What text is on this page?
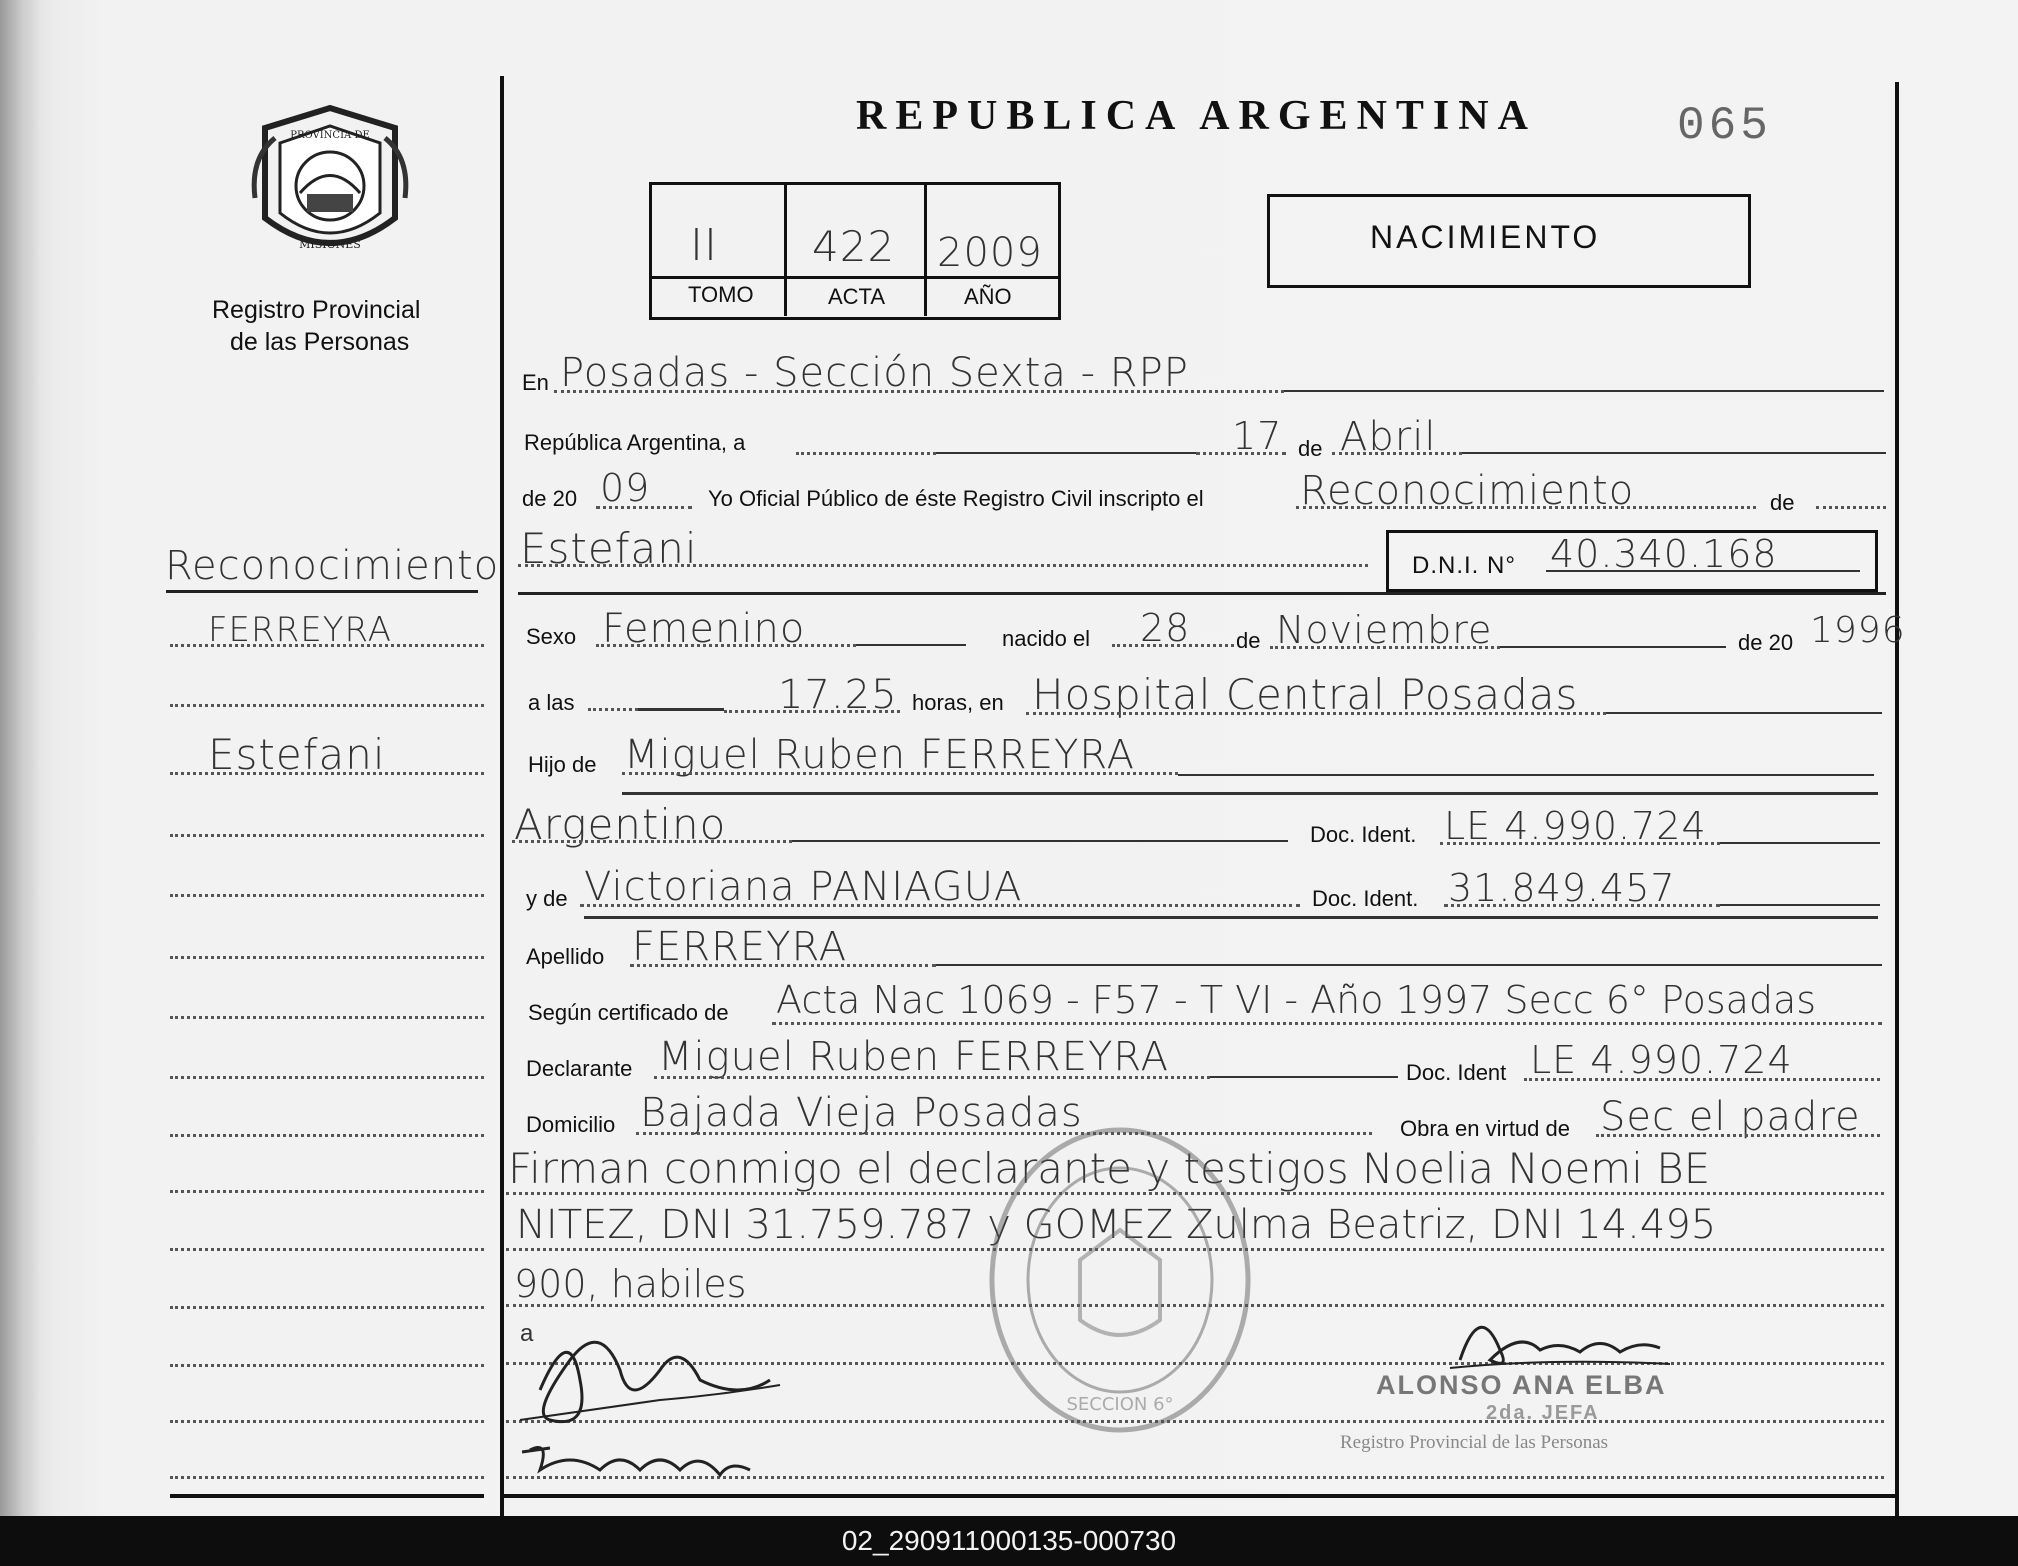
PROVINCIA DE
MISIONES
Registro Provincial
de las Personas
REPUBLICA ARGENTINA	065
II 422 2009
TOMO	ACTA	AÑO
NACIMIENTO
Reconocimiento
FERREYRA
Estefani
En Posadas - Sección Sexta - RPP
República Argentina, a	17 de Abril
de 20 09	Yo Oficial Público de éste Registro Civil inscripto el Reconocimiento	de
Estefani	D.N.I. N° 40.340.168
Sexo Femenino	nacido el 28 de Noviembre	de 20 1996
a las	17.25 horas, en Hospital Central Posadas
Hijo de Miguel Ruben FERREYRA
Argentino	Doc. Ident. LE 4.990.724
y de Victoriana PANIAGUA	Doc. Ident. 31.849.457
Apellido FERREYRA
Según certificado de Acta Nac 1069 - F57 - T VI - Año 1997 Secc 6° Posadas
Declarante Miguel Ruben FERREYRA	Doc. Ident LE 4.990.724
Domicilio Bajada Vieja Posadas	Obra en virtud de Sec el padre
Firman conmigo el declarante y testigos Noelia Noemi BE
NITEZ, DNI 31.759.787 y GOMEZ Zulma Beatriz, DNI 14.495
900, habiles
a
SECCION 6°
ALONSO ANA ELBA
2da. JEFA
Registro Provincial de las Personas
02_290911000135-000730
